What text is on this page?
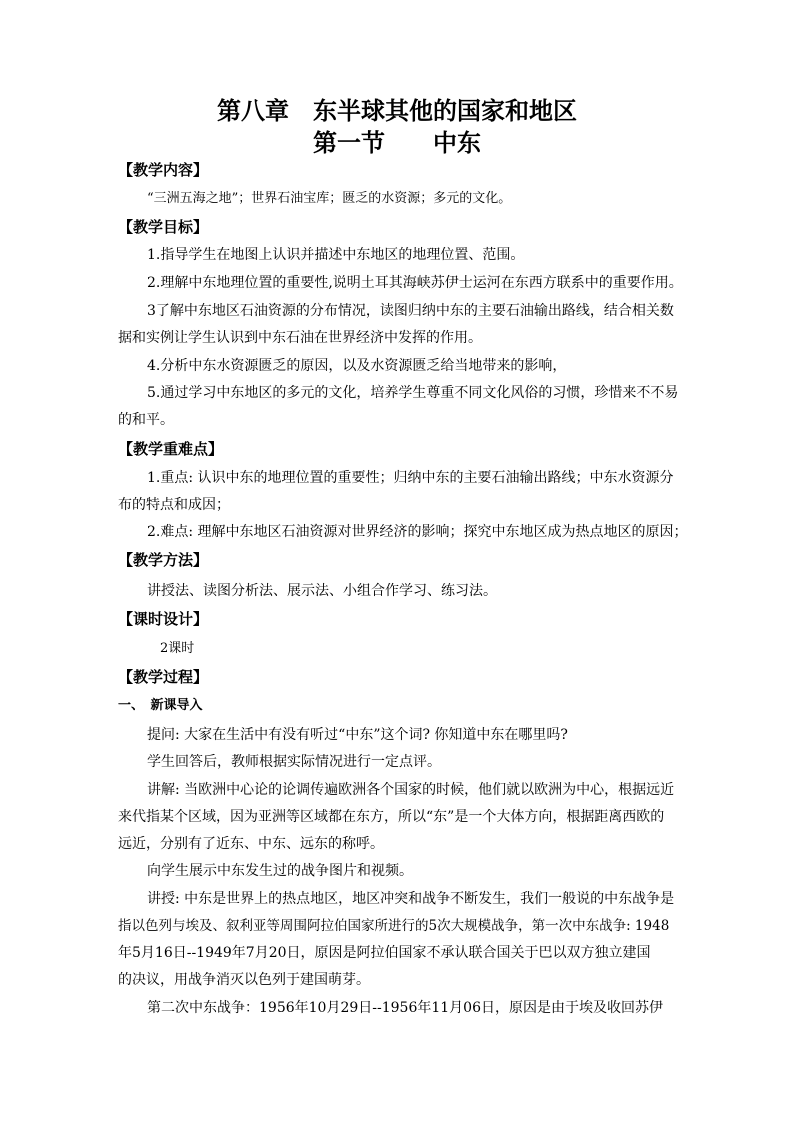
第八章　东半球其他的国家和地区
第一节　　中东
【教学内容】
“三洲五海之地”；世界石油宝库；匮乏的水资源；多元的文化。
【教学目标】
1.指导学生在地图上认识并描述中东地区的地理位置、范围。
2.理解中东地理位置的重要性,说明土耳其海峡苏伊士运河在东西方联系中的重要作用。
3了解中东地区石油资源的分布情况，读图归纳中东的主要石油输出路线，结合相关数
据和实例让学生认识到中东石油在世界经济中发挥的作用。
4.分析中东水资源匮乏的原因，以及水资源匮乏给当地带来的影响，
5.通过学习中东地区的多元的文化，培养学生尊重不同文化风俗的习惯，珍惜来不不易
的和平。
【教学重难点】
1.重点: 认识中东的地理位置的重要性；归纳中东的主要石油输出路线；中东水资源分
布的特点和成因；
2.难点: 理解中东地区石油资源对世界经济的影响；探究中东地区成为热点地区的原因；
【教学方法】
讲授法、读图分析法、展示法、小组合作学习、练习法。
【课时设计】
2课时
【教学过程】
一、　新课导入
提问: 大家在生活中有没有听过“中东”这个词? 你知道中东在哪里吗?
学生回答后，教师根据实际情况进行一定点评。
讲解: 当欧洲中心论的论调传遍欧洲各个国家的时候，他们就以欧洲为中心，根据远近
来代指某个区域，因为亚洲等区域都在东方，所以“东”是一个大体方向，根据距离西欧的
远近，分别有了近东、中东、远东的称呼。
向学生展示中东发生过的战争图片和视频。
讲授: 中东是世界上的热点地区，地区冲突和战争不断发生，我们一般说的中东战争是
指以色列与埃及、叙利亚等周围阿拉伯国家所进行的5次大规模战争，第一次中东战争: 1948
年5月16日--1949年7月20日，原因是阿拉伯国家不承认联合国关于巴以双方独立建国
的决议，用战争消灭以色列于建国萌芽。
第二次中东战争：1956年10月29日--1956年11月06日，原因是由于埃及收回苏伊
